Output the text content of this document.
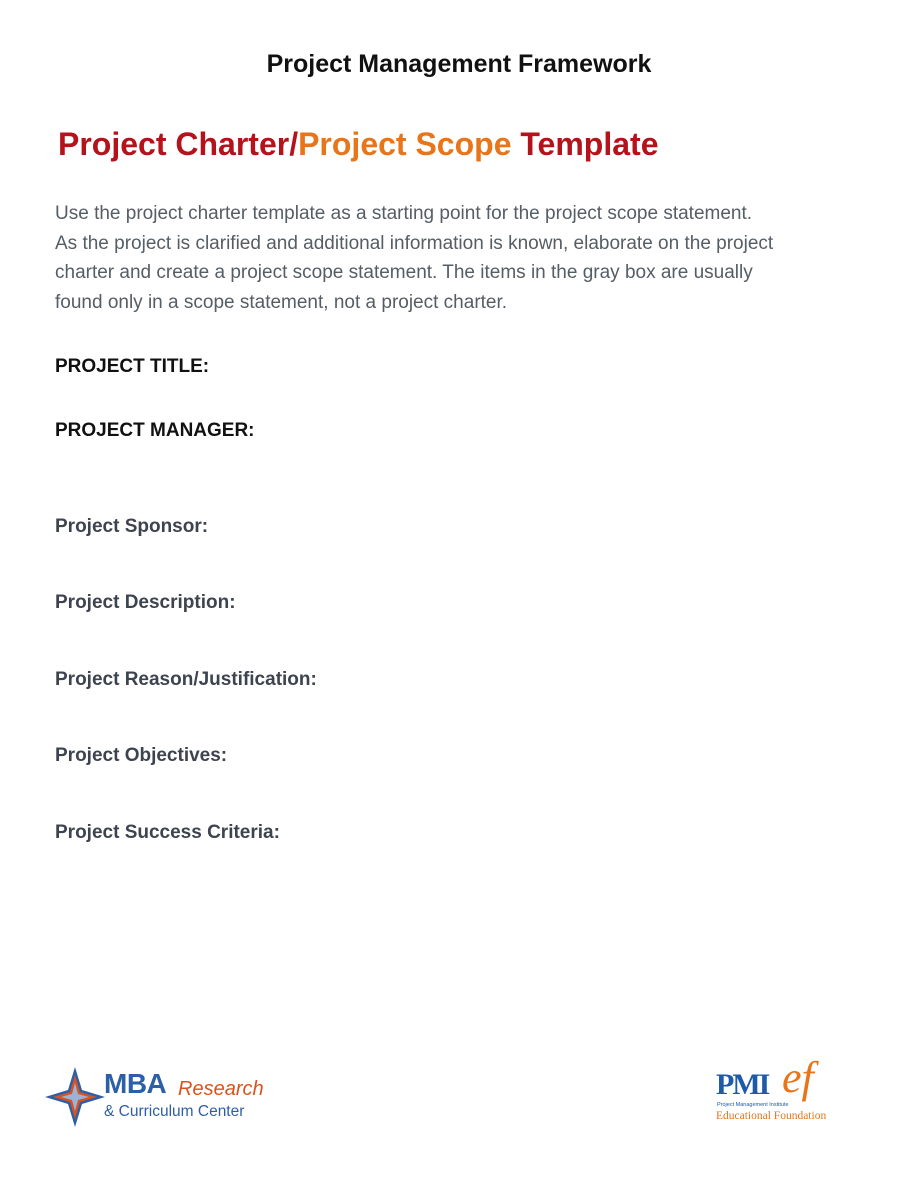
Project Management Framework
Project Charter/Project Scope Template

Use the project charter template as a starting point for the project scope statement.

As the project is clarified and additional information is known, elaborate on the project

charter and create a project scope statement. The items in the gray box are usually

found only in a scope statement, not a project charter.

PROJECT TITLE:
PROJECT MANAGER:
Project Sponsor:
Project Description:
Project Reason/Justification:
Project Objectives:
Project Success Criteria:
MBA Research
& Curriculum Center
PMI ef
Project Management Institute
Educational Foundation
